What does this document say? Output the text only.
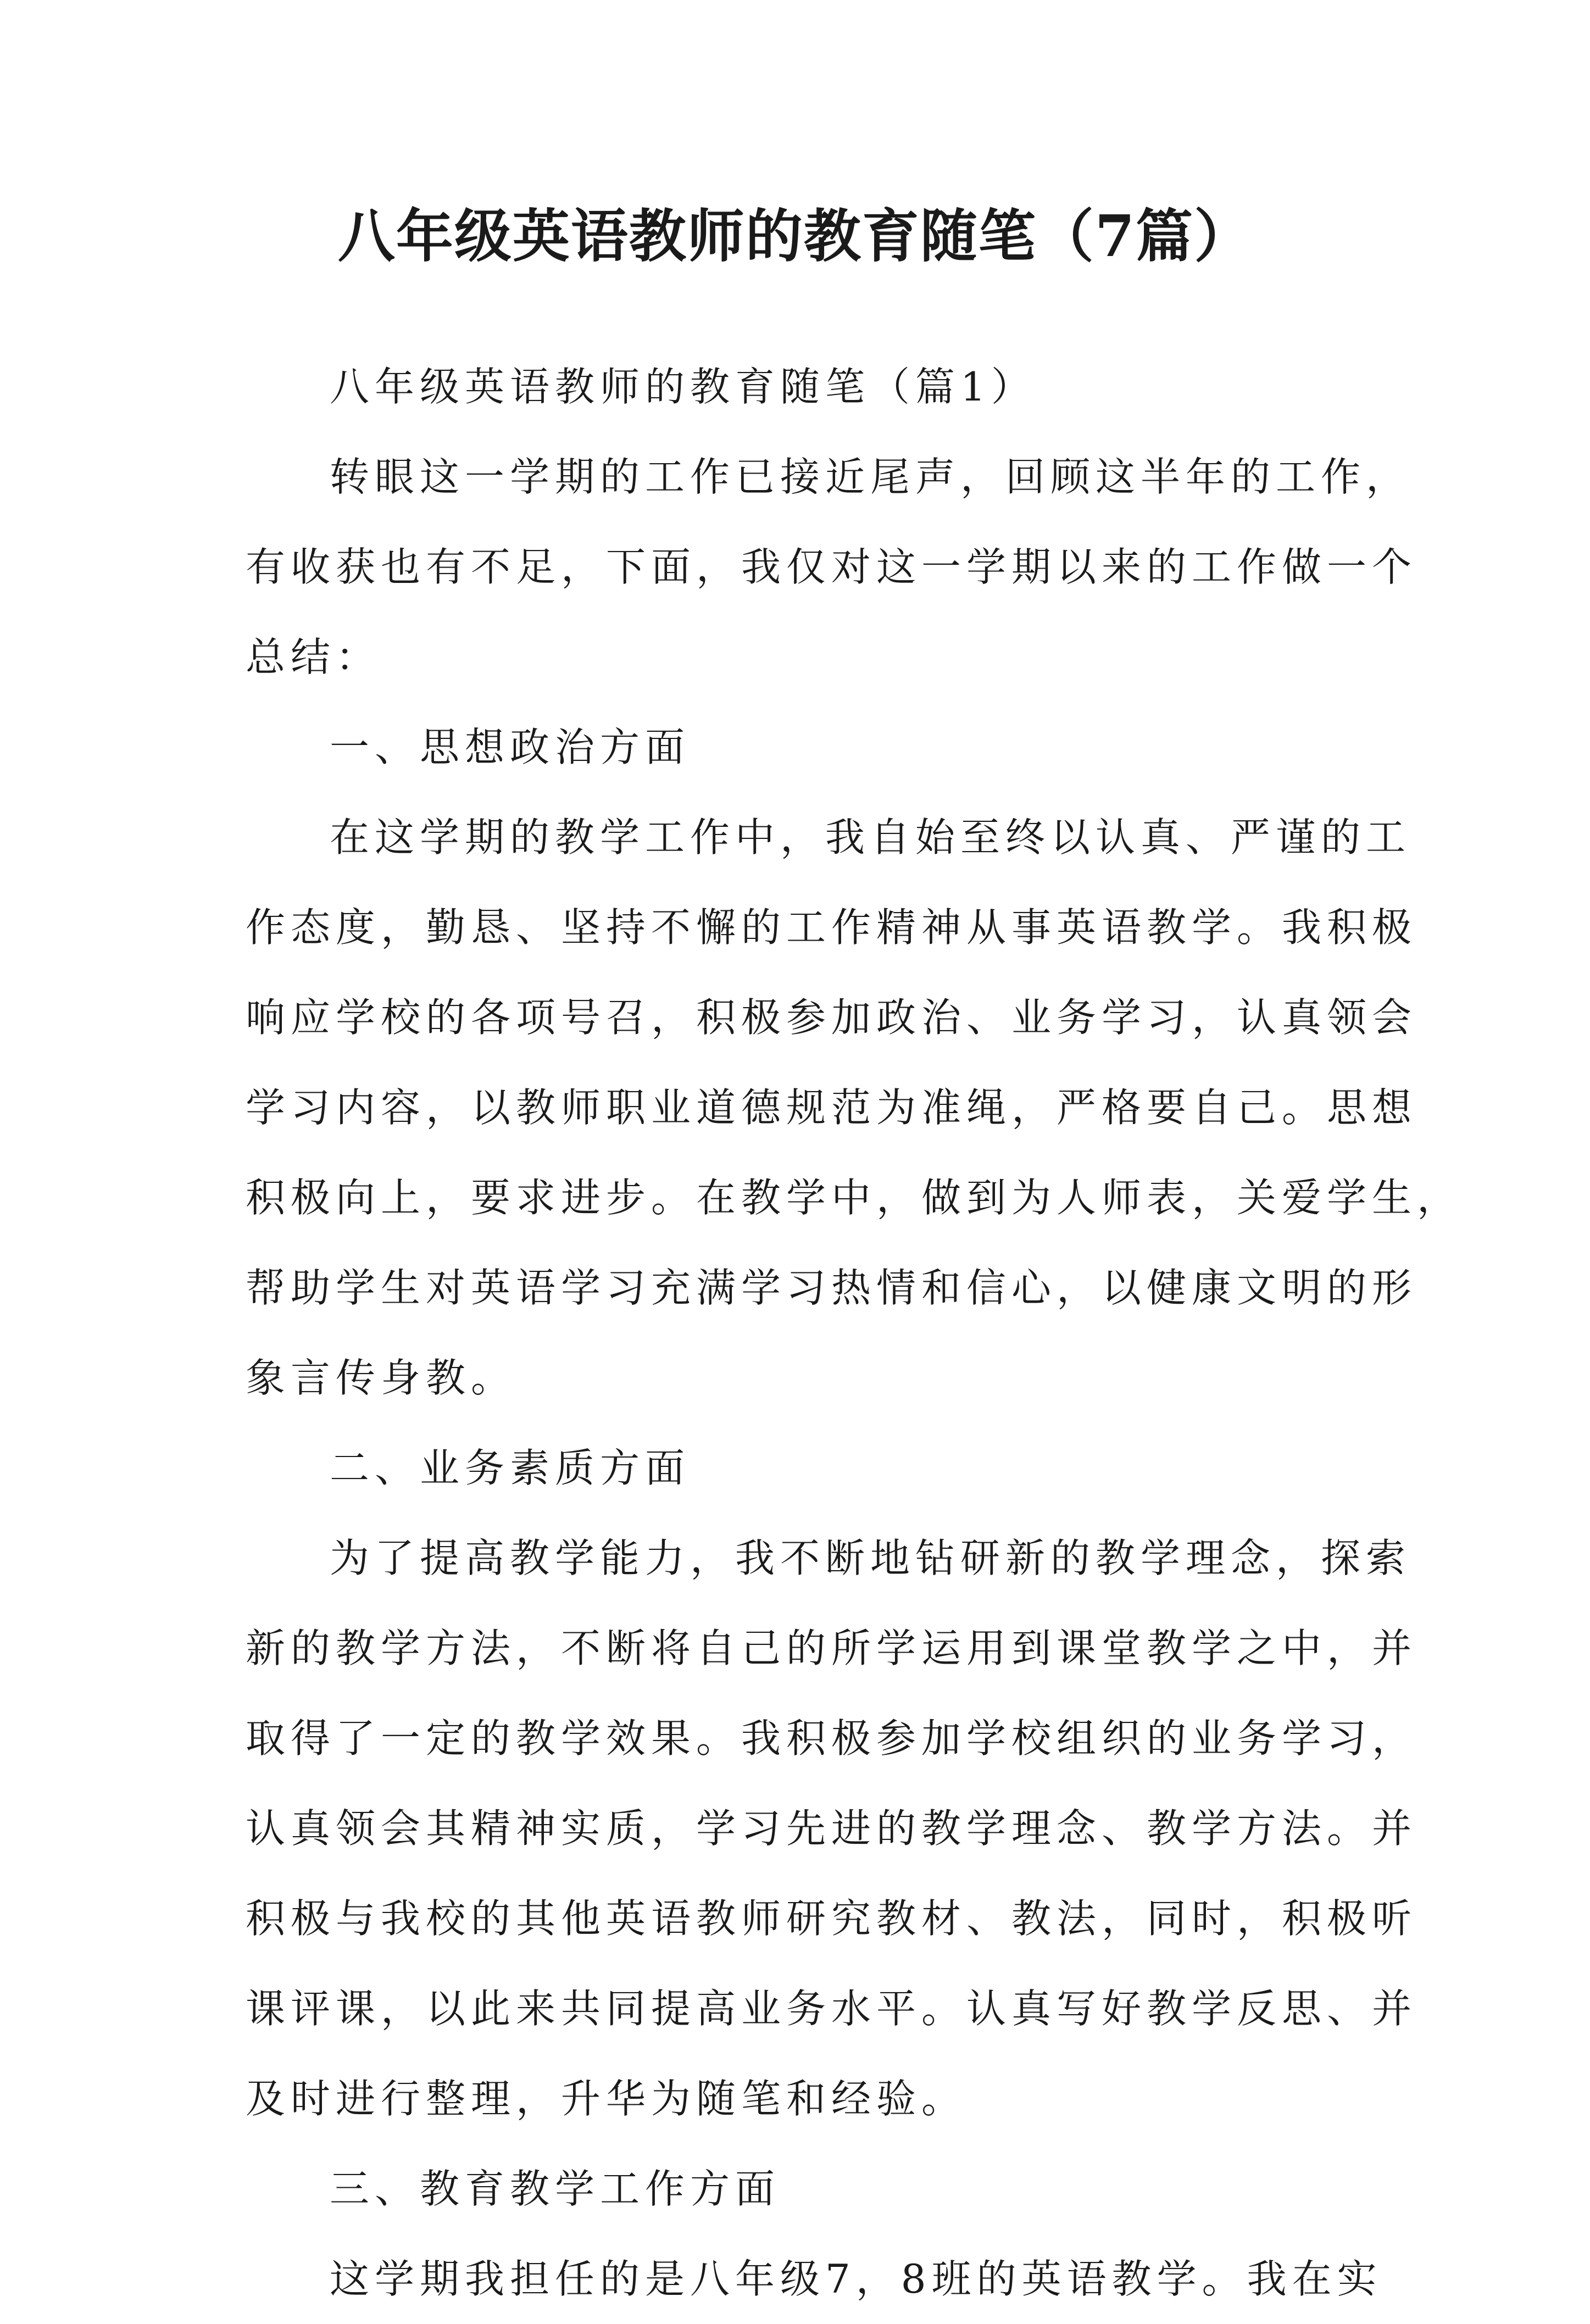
八年级英语教师的教育随笔（7篇）
八年级英语教师的教育随笔（篇1）
转眼这一学期的工作已接近尾声，回顾这半年的工作，
有收获也有不足，下面，我仅对这一学期以来的工作做一个
总结：
一、思想政治方面
在这学期的教学工作中，我自始至终以认真、严谨的工
作态度，勤恳、坚持不懈的工作精神从事英语教学。我积极
响应学校的各项号召，积极参加政治、业务学习，认真领会
学习内容，以教师职业道德规范为准绳，严格要自己。思想
积极向上，要求进步。在教学中，做到为人师表，关爱学生，
帮助学生对英语学习充满学习热情和信心，以健康文明的形
象言传身教。
二、业务素质方面
为了提高教学能力，我不断地钻研新的教学理念，探索
新的教学方法，不断将自己的所学运用到课堂教学之中，并
取得了一定的教学效果。我积极参加学校组织的业务学习，
认真领会其精神实质，学习先进的教学理念、教学方法。并
积极与我校的其他英语教师研究教材、教法，同时，积极听
课评课，以此来共同提高业务水平。认真写好教学反思、并
及时进行整理，升华为随笔和经验。
三、教育教学工作方面
这学期我担任的是八年级7，8班的英语教学。我在实
